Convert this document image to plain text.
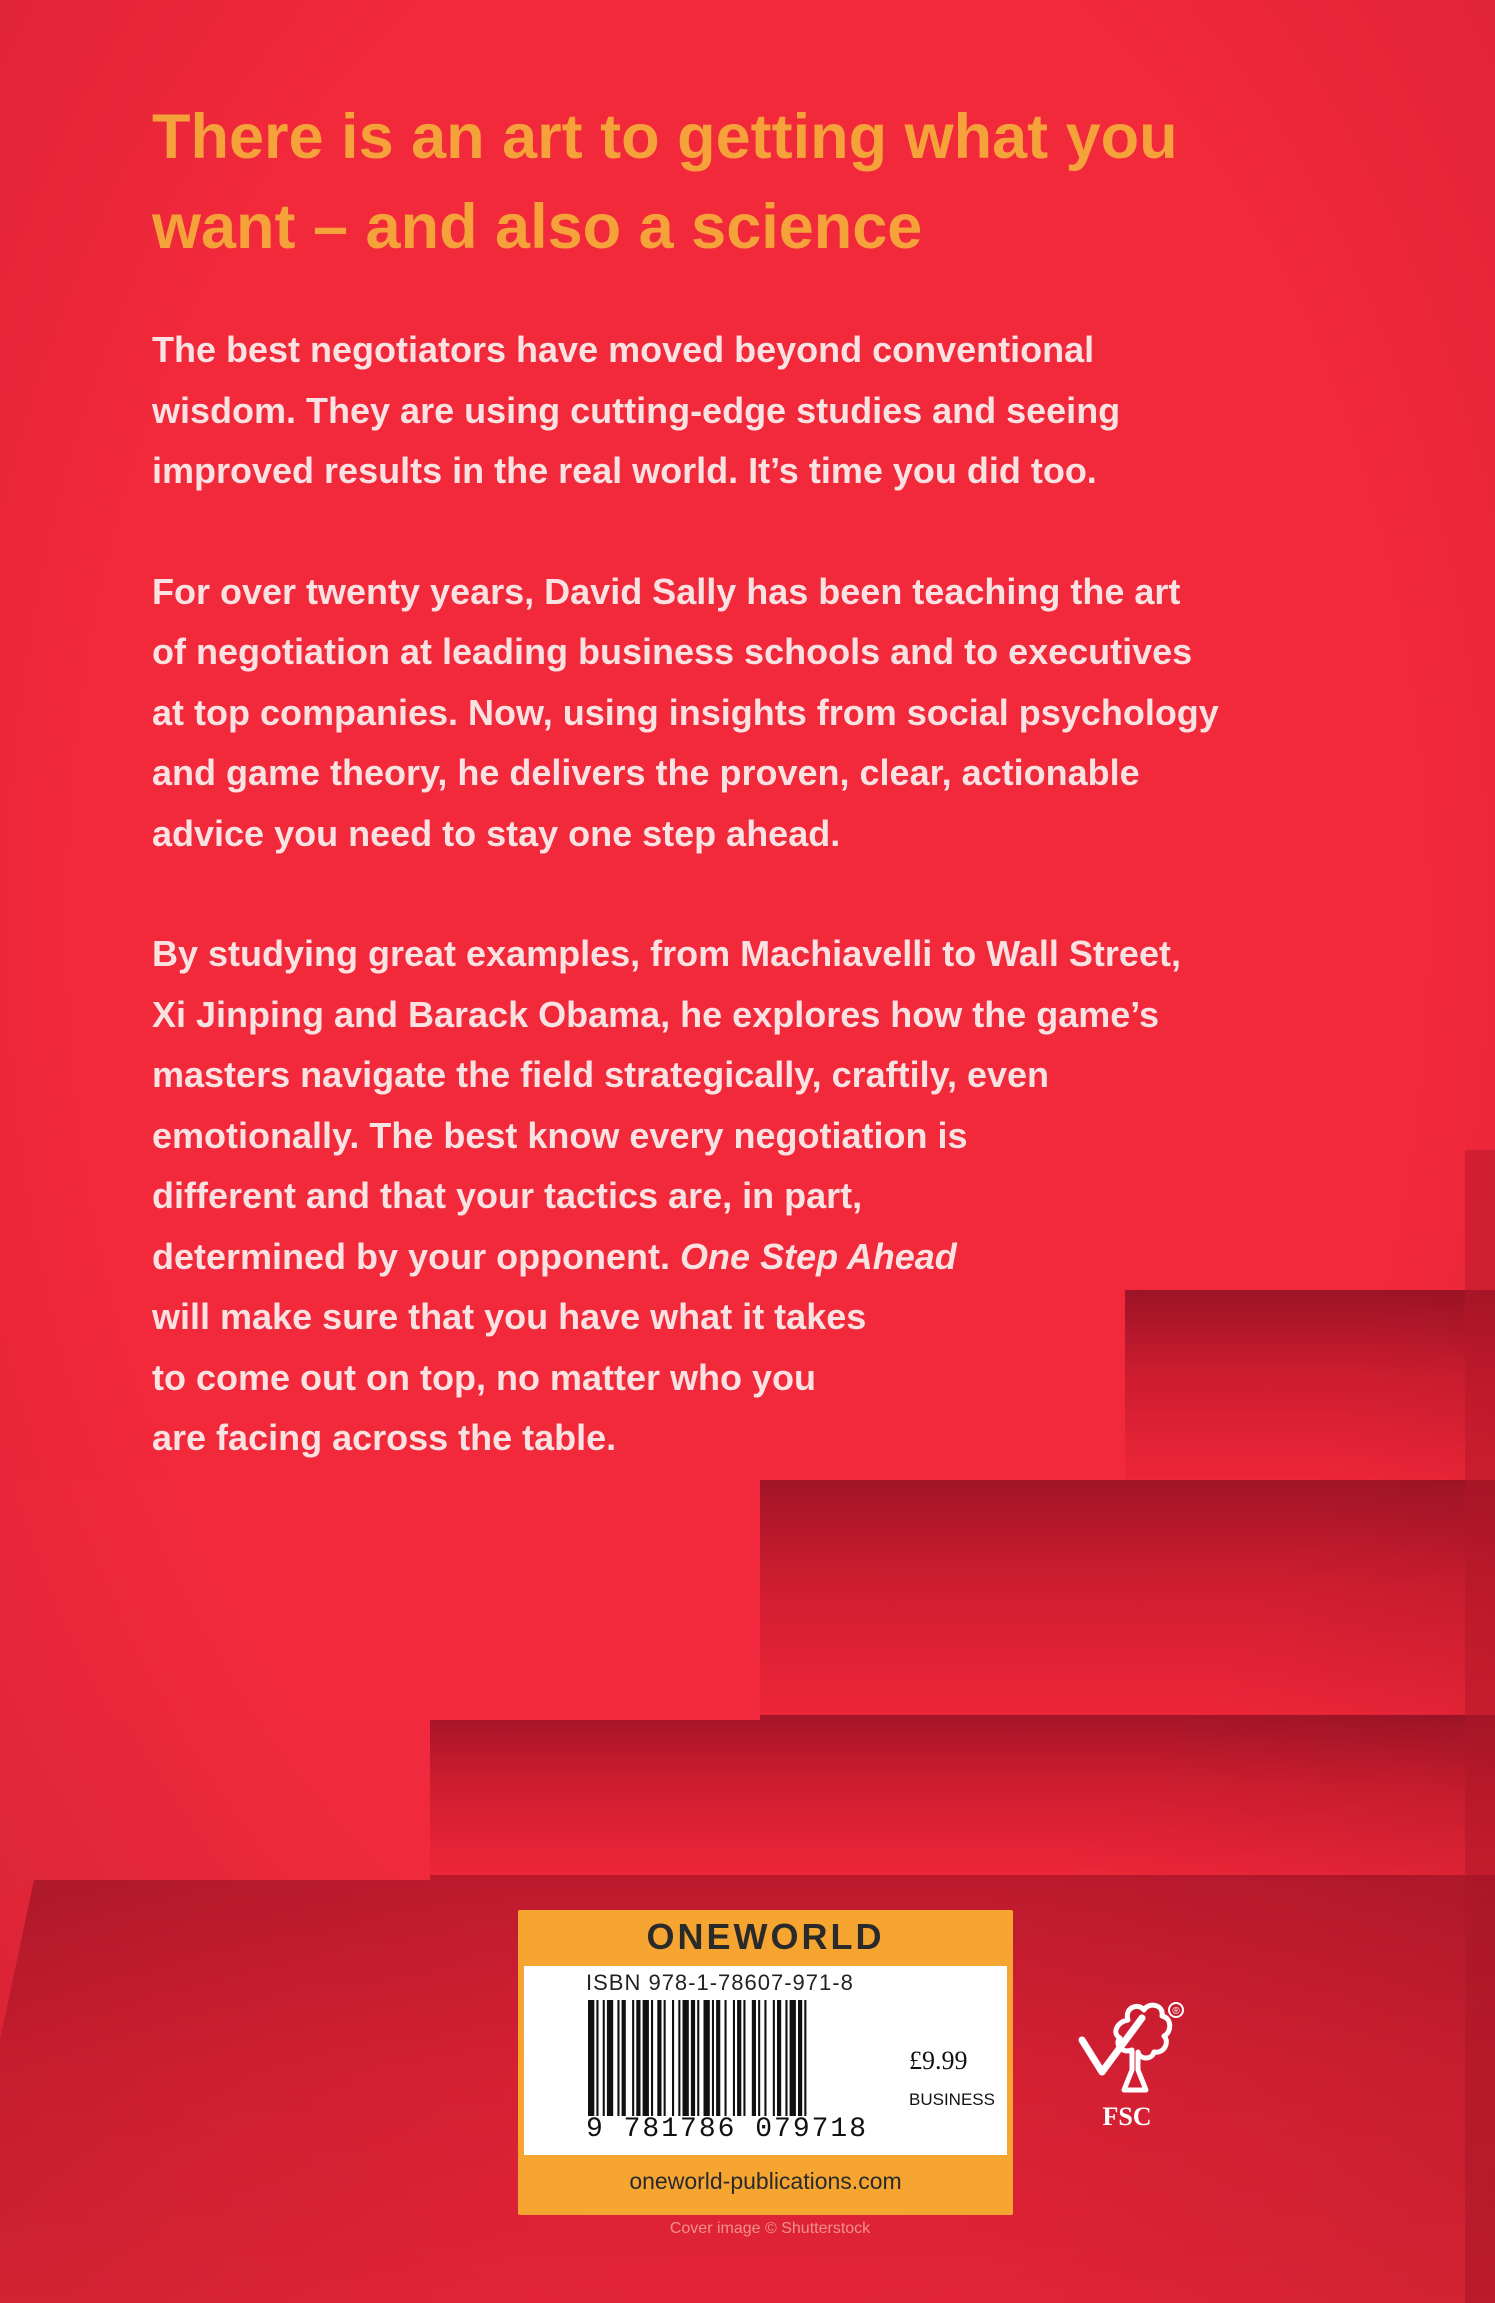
There is an art to getting what you
want – and also a science

The best negotiators have moved beyond conventional
wisdom. They are using cutting-edge studies and seeing
improved results in the real world. It’s time you did too.

For over twenty years, David Sally has been teaching the art
of negotiation at leading business schools and to executives
at top companies. Now, using insights from social psychology
and game theory, he delivers the proven, clear, actionable
advice you need to stay one step ahead.

By studying great examples, from Machiavelli to Wall Street,
Xi Jinping and Barack Obama, he explores how the game’s
masters navigate the field strategically, craftily, even
emotionally. The best know every negotiation is
different and that your tactics are, in part,
determined by your opponent. One Step Ahead
will make sure that you have what it takes
to come out on top, no matter who you
are facing across the table.

ONEWORLD
ISBN 978-1-78607-971-8
9 781786 079718
£9.99
BUSINESS
oneworld-publications.com
Cover image © Shutterstock
®
FSC
